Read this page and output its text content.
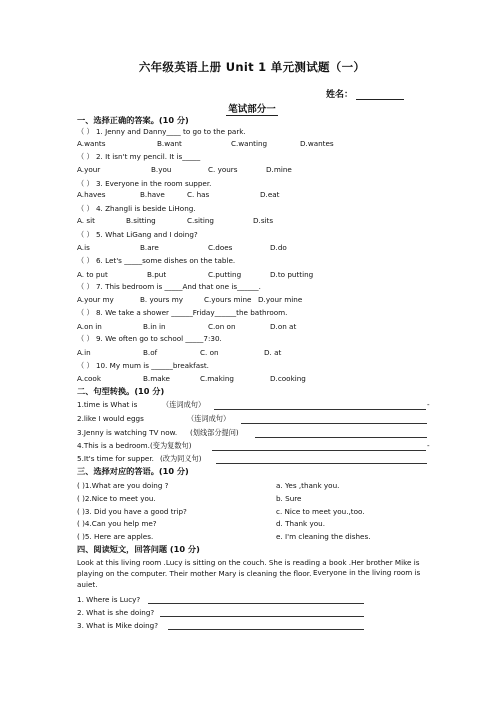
六年级英语上册 Unit 1 单元测试题（一）
姓名：
笔试部分一
一、选择正确的答案。(10 分)
（ ） 1. Jenny and Danny____ to go to the park.
A.wants	B.want	C.wanting	D.wantes
（ ） 2. It isn't my pencil. It is_____
A.your	B.you	C. yours	D.mine
（ ） 3. Everyone in the room supper.
A.haves	B.have	C. has	D.eat
（ ） 4. Zhangli is beside LiHong.
A. sit	B.sitting	C.siting	D.sits
（ ） 5. What LiGang and I doing?
A.is	B.are	C.does	D.do
（ ） 6. Let's _____some dishes on the table.
A. to put	B.put	C.putting	D.to putting
（ ） 7. This bedroom is _____And that one is______.
A.your my	B. yours my	C.yours mine D.your mine
（ ） 8. We take a shower ______Friday______the bathroom.
A.on in	B.in in	C.on on	D.on at
（ ） 9. We often go to school _____7:30.
A.in	B.of	C. on	D. at
（ ） 10. My mum is ______breakfast.
A.cook	B.make	C.making	D.cooking
二、句型转换。(10 分)
1.time is What is	（连词成句）	-
2.like I would eggs	（连词成句）
3.Jenny is watching TV now. (划线部分提问)
4.This is a bedroom. (变为复数句)	-
5.It's time for supper. (改为同义句)
三、选择对应的答语。(10 分)
( )1.What are you doing ?	a. Yes ,thank you.
( )2.Nice to meet you.	b. Sure
( )3. Did you have a good trip?	c. Nice to meet you.,too.
( )4.Can you help me?	d. Thank you.
( )5. Here are apples.	e. I'm cleaning the dishes.
四、阅读短文，回答问题 (10 分)
Look at this living room .Lucy is sitting on the couch. She is reading a book .Her brother Mike is playing on the computer. Their mother Mary is cleaning the floor. Everyone in the living room is
auiet.
1. Where is Lucy?
2. What is she doing?
3. What is Mike doing?
